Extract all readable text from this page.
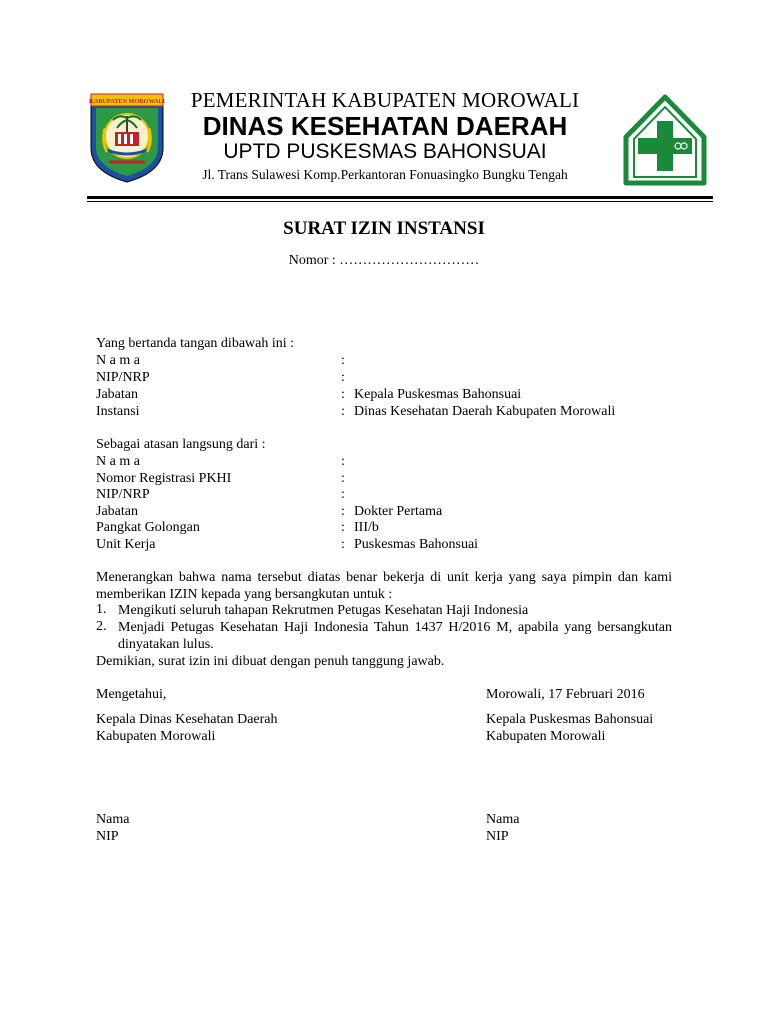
KABUPATEN MOROWALI	PEMERINTAH KABUPATEN MOROWALI
DINAS KESEHATAN DAERAH
UPTD PUSKESMAS BAHONSUAI
Jl. Trans Sulawesi Komp.Perkantoran Fonuasingko Bungku Tengah
SURAT IZIN INSTANSI
Nomor : …………………………
Yang bertanda tangan dibawah ini :
N a m a	:
NIP/NRP	:
Jabatan	: Kepala Puskesmas Bahonsuai
Instansi	: Dinas Kesehatan Daerah Kabupaten Morowali
Sebagai atasan langsung dari :
N a m a	:
Nomor Registrasi PKHI	:
NIP/NRP	:
Jabatan	: Dokter Pertama
Pangkat Golongan	: III/b
Unit Kerja	: Puskesmas Bahonsuai
Menerangkan bahwa nama tersebut diatas benar bekerja di unit kerja yang saya pimpin dan kami memberikan IZIN kepada yang bersangkutan untuk :
1. Mengikuti seluruh tahapan Rekrutmen Petugas Kesehatan Haji Indonesia
2. Menjadi Petugas Kesehatan Haji Indonesia Tahun 1437 H/2016 M, apabila yang bersangkutan dinyatakan lulus.
Demikian, surat izin ini dibuat dengan penuh tanggung jawab.
Mengetahui,	Morowali, 17 Februari 2016
Kepala Dinas Kesehatan Daerah	Kepala Puskesmas Bahonsuai
Kabupaten Morowali	Kabupaten Morowali
Nama	Nama
NIP	NIP
